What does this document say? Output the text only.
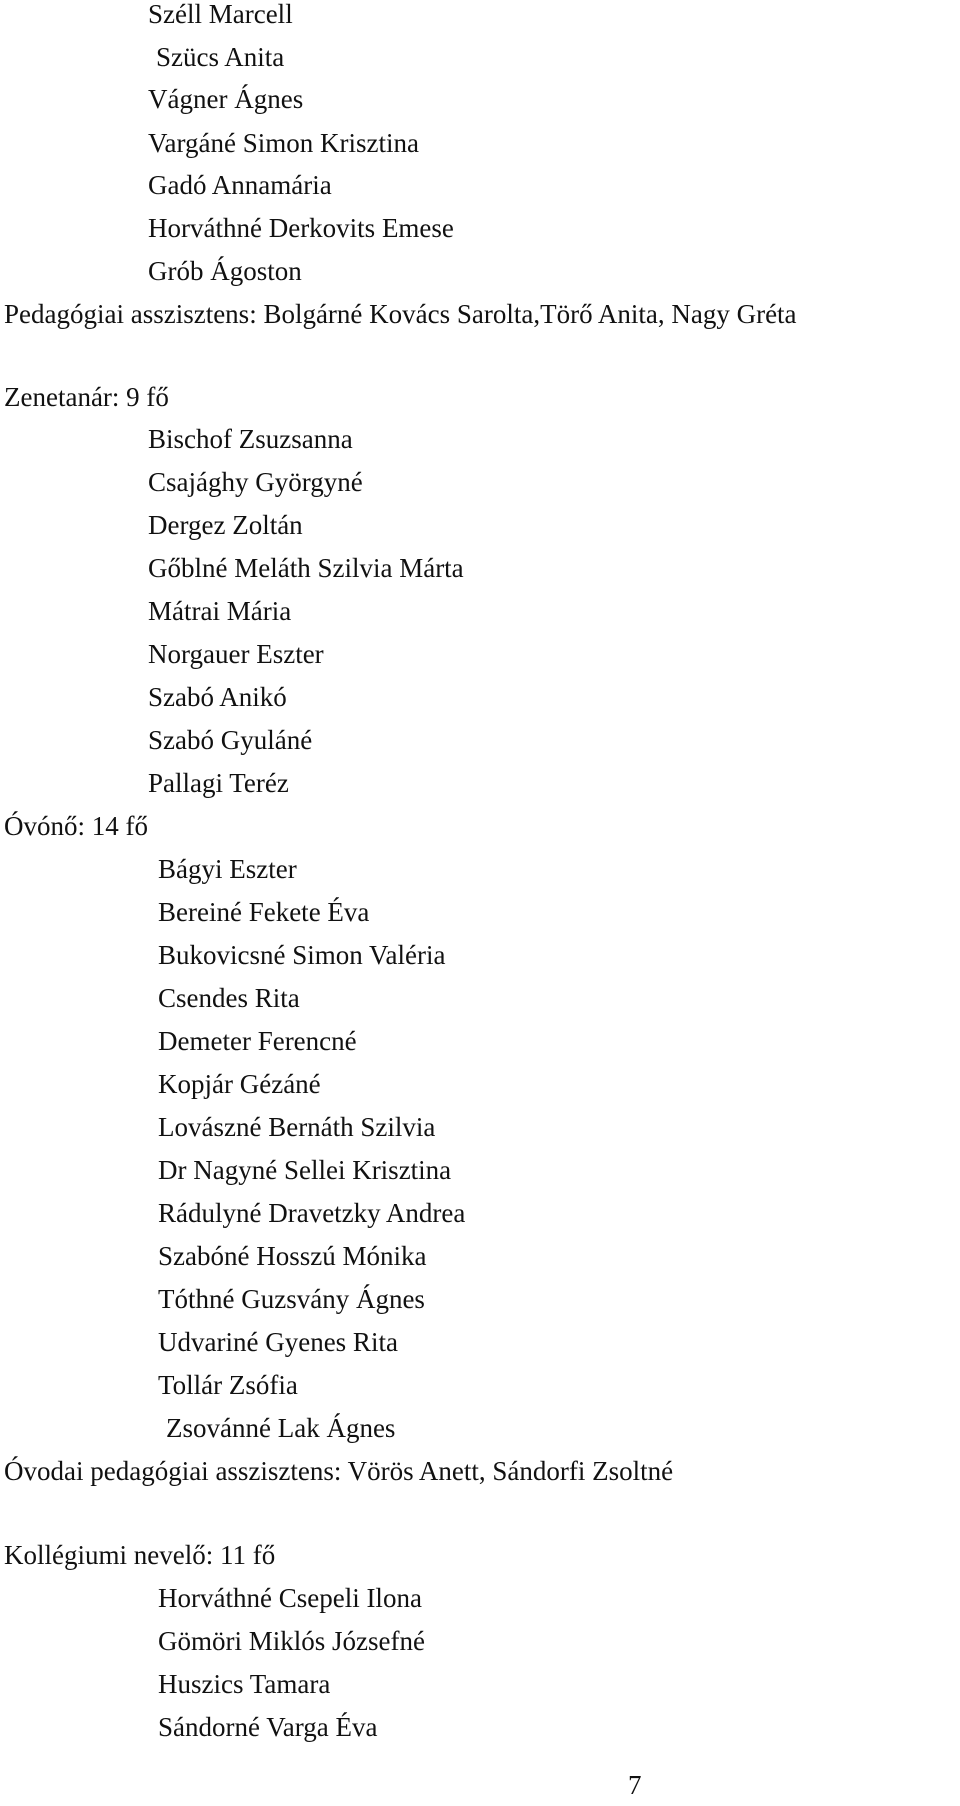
Széll Marcell
Szücs Anita
Vágner Ágnes
Vargáné Simon Krisztina
Gadó Annamária
Horváthné Derkovits Emese
Grób Ágoston
Pedagógiai asszisztens: Bolgárné Kovács Sarolta,Törő Anita, Nagy Gréta
Zenetanár: 9 fő
Bischof Zsuzsanna
Csajághy Györgyné
Dergez Zoltán
Gőblné Meláth Szilvia Márta
Mátrai Mária
Norgauer Eszter
Szabó Anikó
Szabó Gyuláné
Pallagi Teréz
Óvónő: 14 fő
Bágyi Eszter
Bereiné Fekete Éva
Bukovicsné Simon Valéria
Csendes Rita
Demeter Ferencné
Kopjár Gézáné
Lovászné Bernáth Szilvia
Dr Nagyné Sellei Krisztina
Rádulyné Dravetzky Andrea
Szabóné Hosszú Mónika
Tóthné Guzsvány Ágnes
Udvariné Gyenes Rita
Tollár Zsófia
Zsovánné Lak Ágnes
Óvodai pedagógiai asszisztens: Vörös Anett, Sándorfi Zsoltné
Kollégiumi nevelő: 11 fő
Horváthné Csepeli Ilona
Gömöri Miklós Józsefné
Huszics Tamara
Sándorné Varga Éva
7
